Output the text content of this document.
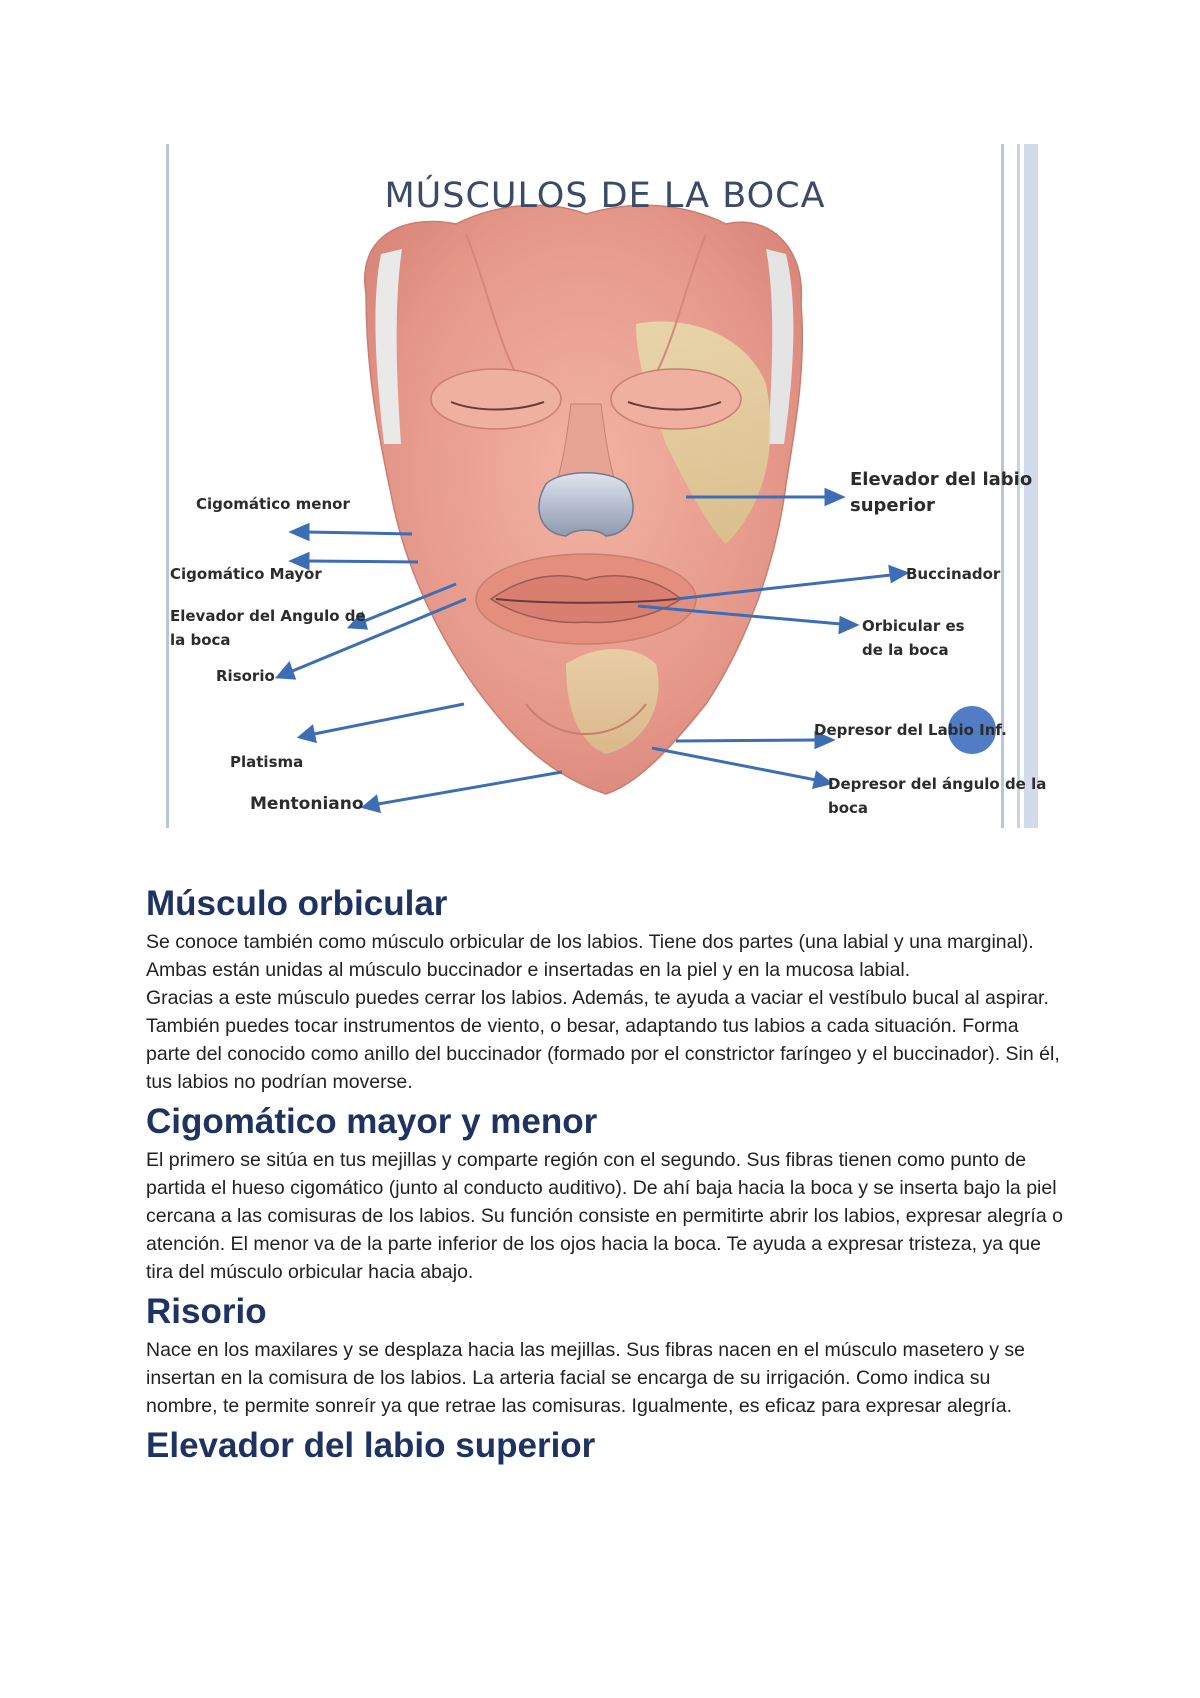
MÚSCULOS DE LA BOCA
Cigomático menor
Cigomático Mayor
Elevador del Angulo de
la boca
Risorio
Platisma
Mentoniano
Elevador del labio
superior
Buccinador
Orbicular es
de la boca
Depresor del Labio Inf.
Depresor del ángulo de la
boca
Músculo orbicular

Se conoce también como músculo orbicular de los labios. Tiene dos partes (una labial y una marginal). Ambas están unidas al músculo buccinador e insertadas en la piel y en la mucosa labial.

Gracias a este músculo puedes cerrar los labios. Además, te ayuda a vaciar el vestíbulo bucal al aspirar. También puedes tocar instrumentos de viento, o besar, adaptando tus labios a cada situación. Forma parte del conocido como anillo del buccinador (formado por el constrictor faríngeo y el buccinador). Sin él, tus labios no podrían moverse.

Cigomático mayor y menor

El primero se sitúa en tus mejillas y comparte región con el segundo. Sus fibras tienen como punto de partida el hueso cigomático (junto al conducto auditivo). De ahí baja hacia la boca y se inserta bajo la piel cercana a las comisuras de los labios. Su función consiste en permitirte abrir los labios, expresar alegría o atención. El menor va de la parte inferior de los ojos hacia la boca. Te ayuda a expresar tristeza, ya que tira del músculo orbicular hacia abajo.

Risorio

Nace en los maxilares y se desplaza hacia las mejillas. Sus fibras nacen en el músculo masetero y se insertan en la comisura de los labios. La arteria facial se encarga de su irrigación. Como indica su nombre, te permite sonreír ya que retrae las comisuras. Igualmente, es eficaz para expresar alegría.

Elevador del labio superior
